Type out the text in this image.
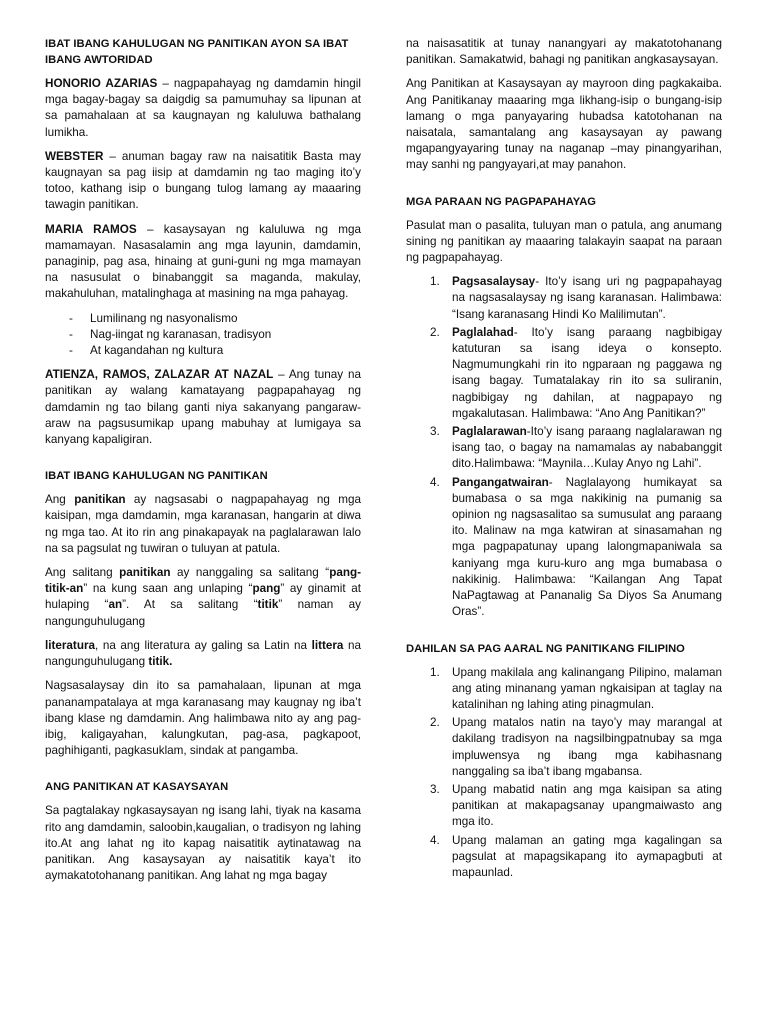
IBAT IBANG KAHULUGAN NG PANITIKAN AYON SA IBAT IBANG AWTORIDAD

HONORIO AZARIAS – nagpapahayag ng damdamin hingil mga bagay-bagay sa daigdig sa pamumuhay sa lipunan at sa pamahalaan at sa kaugnayan ng kaluluwa bathalang lumikha.

WEBSTER – anuman bagay raw na naisatitik Basta may kaugnayan sa pag iisip at damdamin ng tao maging ito’y totoo, kathang isip o bungang tulog lamang ay maaaring tawagin panitikan.

MARIA RAMOS – kasaysayan ng kaluluwa ng mga mamamayan. Nasasalamin ang mga layunin, damdamin, panaginip, pag asa, hinaing at guni-guni ng mga mamayan na nasusulat o binabanggit sa maganda, makulay, makahuluhan, matalinghaga at masining na mga pahayag.

- Lumilinang ng nasyonalismo
- Nag-iingat ng karanasan, tradisyon
- At kagandahan ng kultura

ATIENZA, RAMOS, ZALAZAR AT NAZAL – Ang tunay na panitikan ay walang kamatayang pagpapahayag ng damdamin ng tao bilang ganti niya sakanyang pangaraw-araw na pagsusumikap upang mabuhay at lumigaya sa kanyang kapaligiran.

IBAT IBANG KAHULUGAN NG PANITIKAN

Ang panitikan ay nagsasabi o nagpapahayag ng mga kaisipan, mga damdamin, mga karanasan, hangarin at diwa ng mga tao. At ito rin ang pinakapayak na paglalarawan lalo na sa pagsulat ng tuwiran o tuluyan at patula.

Ang salitang panitikan ay nanggaling sa salitang “pang-titik-an” na kung saan ang unlaping “pang” ay ginamit at hulaping “an”. At sa salitang “titik” naman ay nangunguhulugang

literatura, na ang literatura ay galing sa Latin na littera na nangunguhulugang titik.

Nagsasalaysay din ito sa pamahalaan, lipunan at mga pananampatalaya at mga karanasang may kaugnay ng iba’t ibang klase ng damdamin. Ang halimbawa nito ay ang pag-ibig, kaligayahan, kalungkutan, pag-asa, pagkapoot, paghihiganti, pagkasuklam, sindak at pangamba.

ANG PANITIKAN AT KASAYSAYAN

Sa pagtalakay ngkasaysayan ng isang lahi, tiyak na kasama rito ang damdamin, saloobin,kaugalian, o tradisyon ng lahing ito.At ang lahat ng ito kapag naisatitik aytinatawag na panitikan. Ang kasaysayan ay naisatitik kaya’t ito aymakatotohanang panitikan. Ang lahat ng mga bagay

na naisasatitik at tunay nanangyari ay makatotohanang panitikan. Samakatwid, bahagi ng panitikan angkasaysayan.

Ang Panitikan at Kasaysayan ay mayroon ding pagkakaiba. Ang Panitikanay maaaring mga likhang-isip o bungang-isip lamang o mga panyayaring hubadsa katotohanan na naisatala, samantalang ang kasaysayan ay pawang mgapangyayaring tunay na naganap –may pinangyarihan, may sanhi ng pangyayari,at may panahon.

MGA PARAAN NG PAGPAPAHAYAG

Pasulat man o pasalita, tuluyan man o patula, ang anumang sining ng panitikan ay maaaring talakayin saapat na paraan ng pagpapahayag.

1. Pagsasalaysay- Ito’y isang uri ng pagpapahayag na nagsasalaysay ng isang karanasan. Halimbawa: “Isang karanasang Hindi Ko Malilimutan”.
2. Paglalahad- Ito’y isang paraang nagbibigay katuturan sa isang ideya o konsepto. Nagmumungkahi rin ito ngparaan ng paggawa ng isang bagay. Tumatalakay rin ito sa suliranin, nagbibigay ng dahilan, at nagpapayo ng mgakalutasan. Halimbawa: “Ano Ang Panitikan?”
3. Paglalarawan-Ito’y isang paraang naglalarawan ng isang tao, o bagay na namamalas ay nababanggit dito.Halimbawa: “Maynila…Kulay Anyo ng Lahi”.
4. Pangangatwairan- Naglalayong humikayat sa bumabasa o sa mga nakikinig na pumanig sa opinion ng nagsasalitao sa sumusulat ang paraang ito. Malinaw na mga katwiran at sinasamahan ng mga pagpapatunay upang lalongmapaniwala sa kaniyang mga kuru-kuro ang mga bumabasa o nakikinig. Halimbawa: “Kailangan Ang Tapat NaPagtawag at Pananalig Sa Diyos Sa Anumang Oras”.
DAHILAN SA PAG AARAL NG PANITIKANG FILIPINO
1. Upang makilala ang kalinangang Pilipino, malaman ang ating minanang yaman ngkaisipan at taglay na katalinihan ng lahing ating pinagmulan.
2. Upang matalos natin na tayo’y may marangal at dakilang tradisyon na nagsilbingpatnubay sa mga impluwensya ng ibang mga kabihasnang nanggaling sa iba’t ibang mgabansa.
3. Upang mabatid natin ang mga kaisipan sa ating panitikan at makapagsanay upangmaiwasto ang mga ito.
4. Upang malaman an gating mga kagalingan sa pagsulat at mapagsikapang ito aymapagbuti at mapaunlad.
